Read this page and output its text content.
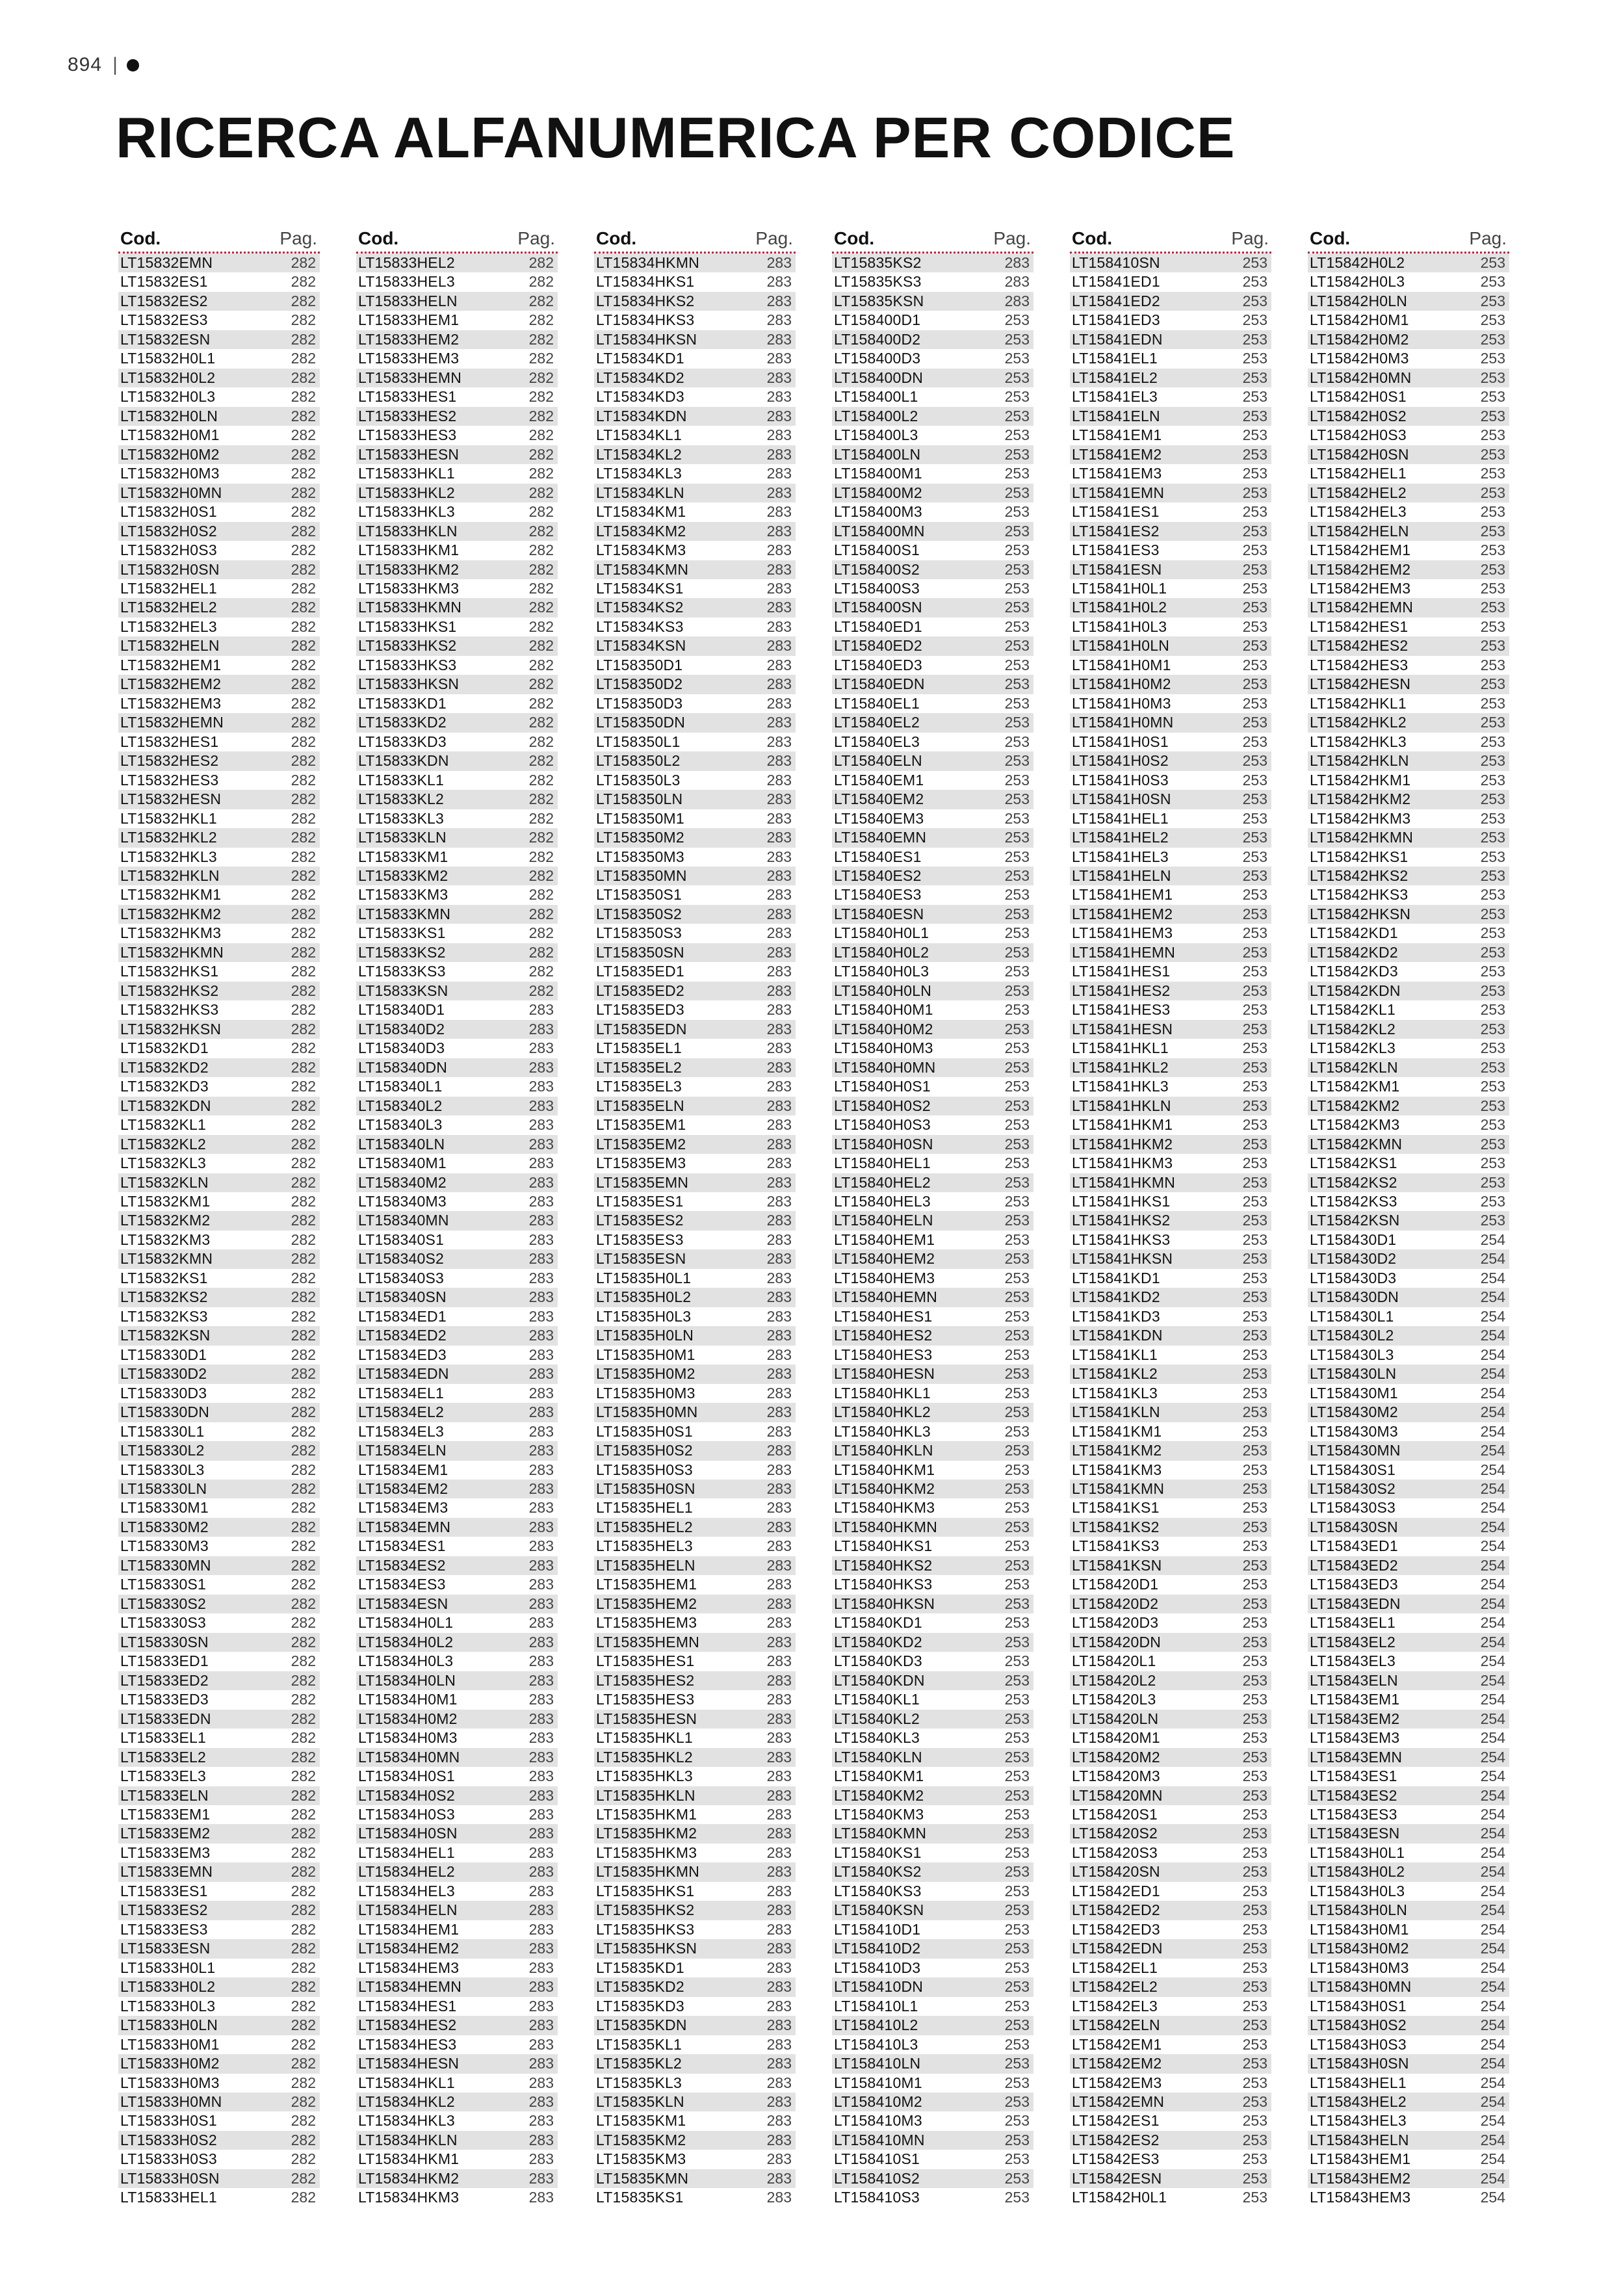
894 |
RICERCA ALFANUMERICA PER CODICE
Cod.	Pag.
LT15832EMN	282
LT15832ES1	282
LT15832ES2	282
LT15832ES3	282
LT15832ESN	282
LT15832H0L1	282
LT15832H0L2	282
LT15832H0L3	282
LT15832H0LN	282
LT15832H0M1	282
LT15832H0M2	282
LT15832H0M3	282
LT15832H0MN	282
LT15832H0S1	282
LT15832H0S2	282
LT15832H0S3	282
LT15832H0SN	282
LT15832HEL1	282
LT15832HEL2	282
LT15832HEL3	282
LT15832HELN	282
LT15832HEM1	282
LT15832HEM2	282
LT15832HEM3	282
LT15832HEMN	282
LT15832HES1	282
LT15832HES2	282
LT15832HES3	282
LT15832HESN	282
LT15832HKL1	282
LT15832HKL2	282
LT15832HKL3	282
LT15832HKLN	282
LT15832HKM1	282
LT15832HKM2	282
LT15832HKM3	282
LT15832HKMN	282
LT15832HKS1	282
LT15832HKS2	282
LT15832HKS3	282
LT15832HKSN	282
LT15832KD1	282
LT15832KD2	282
LT15832KD3	282
LT15832KDN	282
LT15832KL1	282
LT15832KL2	282
LT15832KL3	282
LT15832KLN	282
LT15832KM1	282
LT15832KM2	282
LT15832KM3	282
LT15832KMN	282
LT15832KS1	282
LT15832KS2	282
LT15832KS3	282
LT15832KSN	282
LT158330D1	282
LT158330D2	282
LT158330D3	282
LT158330DN	282
LT158330L1	282
LT158330L2	282
LT158330L3	282
LT158330LN	282
LT158330M1	282
LT158330M2	282
LT158330M3	282
LT158330MN	282
LT158330S1	282
LT158330S2	282
LT158330S3	282
LT158330SN	282
LT15833ED1	282
LT15833ED2	282
LT15833ED3	282
LT15833EDN	282
LT15833EL1	282
LT15833EL2	282
LT15833EL3	282
LT15833ELN	282
LT15833EM1	282
LT15833EM2	282
LT15833EM3	282
LT15833EMN	282
LT15833ES1	282
LT15833ES2	282
LT15833ES3	282
LT15833ESN	282
LT15833H0L1	282
LT15833H0L2	282
LT15833H0L3	282
LT15833H0LN	282
LT15833H0M1	282
LT15833H0M2	282
LT15833H0M3	282
LT15833H0MN	282
LT15833H0S1	282
LT15833H0S2	282
LT15833H0S3	282
LT15833H0SN	282
LT15833HEL1	282
Cod.	Pag.
LT15833HEL2	282
LT15833HEL3	282
LT15833HELN	282
LT15833HEM1	282
LT15833HEM2	282
LT15833HEM3	282
LT15833HEMN	282
LT15833HES1	282
LT15833HES2	282
LT15833HES3	282
LT15833HESN	282
LT15833HKL1	282
LT15833HKL2	282
LT15833HKL3	282
LT15833HKLN	282
LT15833HKM1	282
LT15833HKM2	282
LT15833HKM3	282
LT15833HKMN	282
LT15833HKS1	282
LT15833HKS2	282
LT15833HKS3	282
LT15833HKSN	282
LT15833KD1	282
LT15833KD2	282
LT15833KD3	282
LT15833KDN	282
LT15833KL1	282
LT15833KL2	282
LT15833KL3	282
LT15833KLN	282
LT15833KM1	282
LT15833KM2	282
LT15833KM3	282
LT15833KMN	282
LT15833KS1	282
LT15833KS2	282
LT15833KS3	282
LT15833KSN	282
LT158340D1	283
LT158340D2	283
LT158340D3	283
LT158340DN	283
LT158340L1	283
LT158340L2	283
LT158340L3	283
LT158340LN	283
LT158340M1	283
LT158340M2	283
LT158340M3	283
LT158340MN	283
LT158340S1	283
LT158340S2	283
LT158340S3	283
LT158340SN	283
LT15834ED1	283
LT15834ED2	283
LT15834ED3	283
LT15834EDN	283
LT15834EL1	283
LT15834EL2	283
LT15834EL3	283
LT15834ELN	283
LT15834EM1	283
LT15834EM2	283
LT15834EM3	283
LT15834EMN	283
LT15834ES1	283
LT15834ES2	283
LT15834ES3	283
LT15834ESN	283
LT15834H0L1	283
LT15834H0L2	283
LT15834H0L3	283
LT15834H0LN	283
LT15834H0M1	283
LT15834H0M2	283
LT15834H0M3	283
LT15834H0MN	283
LT15834H0S1	283
LT15834H0S2	283
LT15834H0S3	283
LT15834H0SN	283
LT15834HEL1	283
LT15834HEL2	283
LT15834HEL3	283
LT15834HELN	283
LT15834HEM1	283
LT15834HEM2	283
LT15834HEM3	283
LT15834HEMN	283
LT15834HES1	283
LT15834HES2	283
LT15834HES3	283
LT15834HESN	283
LT15834HKL1	283
LT15834HKL2	283
LT15834HKL3	283
LT15834HKLN	283
LT15834HKM1	283
LT15834HKM2	283
LT15834HKM3	283
Cod.	Pag.
LT15834HKMN	283
LT15834HKS1	283
LT15834HKS2	283
LT15834HKS3	283
LT15834HKSN	283
LT15834KD1	283
LT15834KD2	283
LT15834KD3	283
LT15834KDN	283
LT15834KL1	283
LT15834KL2	283
LT15834KL3	283
LT15834KLN	283
LT15834KM1	283
LT15834KM2	283
LT15834KM3	283
LT15834KMN	283
LT15834KS1	283
LT15834KS2	283
LT15834KS3	283
LT15834KSN	283
LT158350D1	283
LT158350D2	283
LT158350D3	283
LT158350DN	283
LT158350L1	283
LT158350L2	283
LT158350L3	283
LT158350LN	283
LT158350M1	283
LT158350M2	283
LT158350M3	283
LT158350MN	283
LT158350S1	283
LT158350S2	283
LT158350S3	283
LT158350SN	283
LT15835ED1	283
LT15835ED2	283
LT15835ED3	283
LT15835EDN	283
LT15835EL1	283
LT15835EL2	283
LT15835EL3	283
LT15835ELN	283
LT15835EM1	283
LT15835EM2	283
LT15835EM3	283
LT15835EMN	283
LT15835ES1	283
LT15835ES2	283
LT15835ES3	283
LT15835ESN	283
LT15835H0L1	283
LT15835H0L2	283
LT15835H0L3	283
LT15835H0LN	283
LT15835H0M1	283
LT15835H0M2	283
LT15835H0M3	283
LT15835H0MN	283
LT15835H0S1	283
LT15835H0S2	283
LT15835H0S3	283
LT15835H0SN	283
LT15835HEL1	283
LT15835HEL2	283
LT15835HEL3	283
LT15835HELN	283
LT15835HEM1	283
LT15835HEM2	283
LT15835HEM3	283
LT15835HEMN	283
LT15835HES1	283
LT15835HES2	283
LT15835HES3	283
LT15835HESN	283
LT15835HKL1	283
LT15835HKL2	283
LT15835HKL3	283
LT15835HKLN	283
LT15835HKM1	283
LT15835HKM2	283
LT15835HKM3	283
LT15835HKMN	283
LT15835HKS1	283
LT15835HKS2	283
LT15835HKS3	283
LT15835HKSN	283
LT15835KD1	283
LT15835KD2	283
LT15835KD3	283
LT15835KDN	283
LT15835KL1	283
LT15835KL2	283
LT15835KL3	283
LT15835KLN	283
LT15835KM1	283
LT15835KM2	283
LT15835KM3	283
LT15835KMN	283
LT15835KS1	283
Cod.	Pag.
LT15835KS2	283
LT15835KS3	283
LT15835KSN	283
LT158400D1	253
LT158400D2	253
LT158400D3	253
LT158400DN	253
LT158400L1	253
LT158400L2	253
LT158400L3	253
LT158400LN	253
LT158400M1	253
LT158400M2	253
LT158400M3	253
LT158400MN	253
LT158400S1	253
LT158400S2	253
LT158400S3	253
LT158400SN	253
LT15840ED1	253
LT15840ED2	253
LT15840ED3	253
LT15840EDN	253
LT15840EL1	253
LT15840EL2	253
LT15840EL3	253
LT15840ELN	253
LT15840EM1	253
LT15840EM2	253
LT15840EM3	253
LT15840EMN	253
LT15840ES1	253
LT15840ES2	253
LT15840ES3	253
LT15840ESN	253
LT15840H0L1	253
LT15840H0L2	253
LT15840H0L3	253
LT15840H0LN	253
LT15840H0M1	253
LT15840H0M2	253
LT15840H0M3	253
LT15840H0MN	253
LT15840H0S1	253
LT15840H0S2	253
LT15840H0S3	253
LT15840H0SN	253
LT15840HEL1	253
LT15840HEL2	253
LT15840HEL3	253
LT15840HELN	253
LT15840HEM1	253
LT15840HEM2	253
LT15840HEM3	253
LT15840HEMN	253
LT15840HES1	253
LT15840HES2	253
LT15840HES3	253
LT15840HESN	253
LT15840HKL1	253
LT15840HKL2	253
LT15840HKL3	253
LT15840HKLN	253
LT15840HKM1	253
LT15840HKM2	253
LT15840HKM3	253
LT15840HKMN	253
LT15840HKS1	253
LT15840HKS2	253
LT15840HKS3	253
LT15840HKSN	253
LT15840KD1	253
LT15840KD2	253
LT15840KD3	253
LT15840KDN	253
LT15840KL1	253
LT15840KL2	253
LT15840KL3	253
LT15840KLN	253
LT15840KM1	253
LT15840KM2	253
LT15840KM3	253
LT15840KMN	253
LT15840KS1	253
LT15840KS2	253
LT15840KS3	253
LT15840KSN	253
LT158410D1	253
LT158410D2	253
LT158410D3	253
LT158410DN	253
LT158410L1	253
LT158410L2	253
LT158410L3	253
LT158410LN	253
LT158410M1	253
LT158410M2	253
LT158410M3	253
LT158410MN	253
LT158410S1	253
LT158410S2	253
LT158410S3	253
Cod.	Pag.
LT158410SN	253
LT15841ED1	253
LT15841ED2	253
LT15841ED3	253
LT15841EDN	253
LT15841EL1	253
LT15841EL2	253
LT15841EL3	253
LT15841ELN	253
LT15841EM1	253
LT15841EM2	253
LT15841EM3	253
LT15841EMN	253
LT15841ES1	253
LT15841ES2	253
LT15841ES3	253
LT15841ESN	253
LT15841H0L1	253
LT15841H0L2	253
LT15841H0L3	253
LT15841H0LN	253
LT15841H0M1	253
LT15841H0M2	253
LT15841H0M3	253
LT15841H0MN	253
LT15841H0S1	253
LT15841H0S2	253
LT15841H0S3	253
LT15841H0SN	253
LT15841HEL1	253
LT15841HEL2	253
LT15841HEL3	253
LT15841HELN	253
LT15841HEM1	253
LT15841HEM2	253
LT15841HEM3	253
LT15841HEMN	253
LT15841HES1	253
LT15841HES2	253
LT15841HES3	253
LT15841HESN	253
LT15841HKL1	253
LT15841HKL2	253
LT15841HKL3	253
LT15841HKLN	253
LT15841HKM1	253
LT15841HKM2	253
LT15841HKM3	253
LT15841HKMN	253
LT15841HKS1	253
LT15841HKS2	253
LT15841HKS3	253
LT15841HKSN	253
LT15841KD1	253
LT15841KD2	253
LT15841KD3	253
LT15841KDN	253
LT15841KL1	253
LT15841KL2	253
LT15841KL3	253
LT15841KLN	253
LT15841KM1	253
LT15841KM2	253
LT15841KM3	253
LT15841KMN	253
LT15841KS1	253
LT15841KS2	253
LT15841KS3	253
LT15841KSN	253
LT158420D1	253
LT158420D2	253
LT158420D3	253
LT158420DN	253
LT158420L1	253
LT158420L2	253
LT158420L3	253
LT158420LN	253
LT158420M1	253
LT158420M2	253
LT158420M3	253
LT158420MN	253
LT158420S1	253
LT158420S2	253
LT158420S3	253
LT158420SN	253
LT15842ED1	253
LT15842ED2	253
LT15842ED3	253
LT15842EDN	253
LT15842EL1	253
LT15842EL2	253
LT15842EL3	253
LT15842ELN	253
LT15842EM1	253
LT15842EM2	253
LT15842EM3	253
LT15842EMN	253
LT15842ES1	253
LT15842ES2	253
LT15842ES3	253
LT15842ESN	253
LT15842H0L1	253
Cod.	Pag.
LT15842H0L2	253
LT15842H0L3	253
LT15842H0LN	253
LT15842H0M1	253
LT15842H0M2	253
LT15842H0M3	253
LT15842H0MN	253
LT15842H0S1	253
LT15842H0S2	253
LT15842H0S3	253
LT15842H0SN	253
LT15842HEL1	253
LT15842HEL2	253
LT15842HEL3	253
LT15842HELN	253
LT15842HEM1	253
LT15842HEM2	253
LT15842HEM3	253
LT15842HEMN	253
LT15842HES1	253
LT15842HES2	253
LT15842HES3	253
LT15842HESN	253
LT15842HKL1	253
LT15842HKL2	253
LT15842HKL3	253
LT15842HKLN	253
LT15842HKM1	253
LT15842HKM2	253
LT15842HKM3	253
LT15842HKMN	253
LT15842HKS1	253
LT15842HKS2	253
LT15842HKS3	253
LT15842HKSN	253
LT15842KD1	253
LT15842KD2	253
LT15842KD3	253
LT15842KDN	253
LT15842KL1	253
LT15842KL2	253
LT15842KL3	253
LT15842KLN	253
LT15842KM1	253
LT15842KM2	253
LT15842KM3	253
LT15842KMN	253
LT15842KS1	253
LT15842KS2	253
LT15842KS3	253
LT15842KSN	253
LT158430D1	254
LT158430D2	254
LT158430D3	254
LT158430DN	254
LT158430L1	254
LT158430L2	254
LT158430L3	254
LT158430LN	254
LT158430M1	254
LT158430M2	254
LT158430M3	254
LT158430MN	254
LT158430S1	254
LT158430S2	254
LT158430S3	254
LT158430SN	254
LT15843ED1	254
LT15843ED2	254
LT15843ED3	254
LT15843EDN	254
LT15843EL1	254
LT15843EL2	254
LT15843EL3	254
LT15843ELN	254
LT15843EM1	254
LT15843EM2	254
LT15843EM3	254
LT15843EMN	254
LT15843ES1	254
LT15843ES2	254
LT15843ES3	254
LT15843ESN	254
LT15843H0L1	254
LT15843H0L2	254
LT15843H0L3	254
LT15843H0LN	254
LT15843H0M1	254
LT15843H0M2	254
LT15843H0M3	254
LT15843H0MN	254
LT15843H0S1	254
LT15843H0S2	254
LT15843H0S3	254
LT15843H0SN	254
LT15843HEL1	254
LT15843HEL2	254
LT15843HEL3	254
LT15843HELN	254
LT15843HEM1	254
LT15843HEM2	254
LT15843HEM3	254
